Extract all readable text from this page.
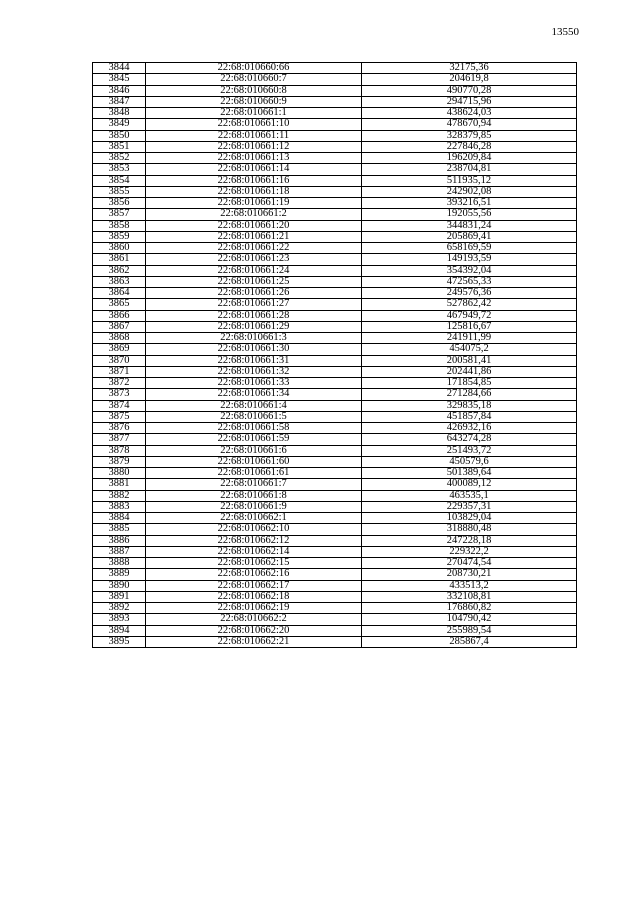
13550
3844	22:68:010660:66	32175,36
3845	22:68:010660:7	204619,8
3846	22:68:010660:8	490770,28
3847	22:68:010660:9	294715,96
3848	22:68:010661:1	438624,03
3849	22:68:010661:10	478670,94
3850	22:68:010661:11	328379,85
3851	22:68:010661:12	227846,28
3852	22:68:010661:13	196209,84
3853	22:68:010661:14	238704,81
3854	22:68:010661:16	511935,12
3855	22:68:010661:18	242902,08
3856	22:68:010661:19	393216,51
3857	22:68:010661:2	192055,56
3858	22:68:010661:20	344831,24
3859	22:68:010661:21	205869,41
3860	22:68:010661:22	658169,59
3861	22:68:010661:23	149193,59
3862	22:68:010661:24	354392,04
3863	22:68:010661:25	472565,33
3864	22:68:010661:26	249576,36
3865	22:68:010661:27	527862,42
3866	22:68:010661:28	467949,72
3867	22:68:010661:29	125816,67
3868	22:68:010661:3	241911,99
3869	22:68:010661:30	454075,2
3870	22:68:010661:31	200581,41
3871	22:68:010661:32	202441,86
3872	22:68:010661:33	171854,85
3873	22:68:010661:34	271284,66
3874	22:68:010661:4	329835,18
3875	22:68:010661:5	451857,84
3876	22:68:010661:58	426932,16
3877	22:68:010661:59	643274,28
3878	22:68:010661:6	251493,72
3879	22:68:010661:60	450579,6
3880	22:68:010661:61	501389,64
3881	22:68:010661:7	400089,12
3882	22:68:010661:8	463535,1
3883	22:68:010661:9	229357,31
3884	22:68:010662:1	103829,04
3885	22:68:010662:10	318880,48
3886	22:68:010662:12	247228,18
3887	22:68:010662:14	229322,2
3888	22:68:010662:15	270474,54
3889	22:68:010662:16	208730,21
3890	22:68:010662:17	433513,2
3891	22:68:010662:18	332108,81
3892	22:68:010662:19	176860,82
3893	22:68:010662:2	104790,42
3894	22:68:010662:20	255989,54
3895	22:68:010662:21	285867,4
